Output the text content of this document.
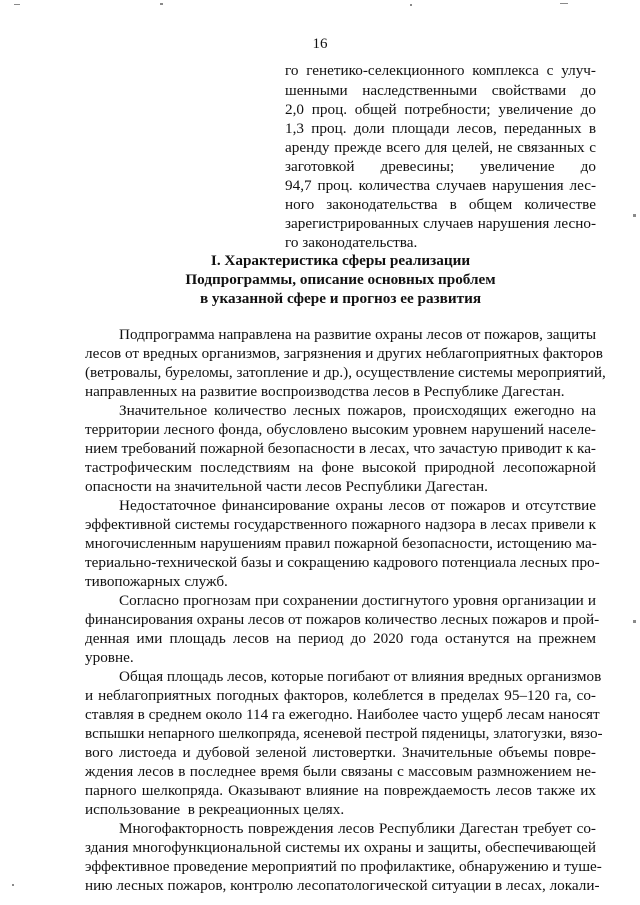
16
го генетико-селекционного комплекса с улуч-
шенными наследственными свойствами до
2,0 проц. общей потребности; увеличение до
1,3 проц. доли площади лесов, переданных в
аренду прежде всего для целей, не связанных с
заготовкой древесины; увеличение до
94,7 проц. количества случаев нарушения лес-
ного законодательства в общем количестве
зарегистрированных случаев нарушения лесно-
го законодательства.
I. Характеристика сферы реализации
Подпрограммы, описание основных проблем
в указанной сфере и прогноз ее развития
Подпрограмма направлена на развитие охраны лесов от пожаров, защиты
лесов от вредных организмов, загрязнения и других неблагоприятных факторов
(ветровалы, буреломы, затопление и др.), осуществление системы мероприятий,
направленных на развитие воспроизводства лесов в Республике Дагестан.
Значительное количество лесных пожаров, происходящих ежегодно на
территории лесного фонда, обусловлено высоким уровнем нарушений населе-
нием требований пожарной безопасности в лесах, что зачастую приводит к ка-
тастрофическим последствиям на фоне высокой природной лесопожарной
опасности на значительной части лесов Республики Дагестан.
Недостаточное финансирование охраны лесов от пожаров и отсутствие
эффективной системы государственного пожарного надзора в лесах привели к
многочисленным нарушениям правил пожарной безопасности, истощению ма-
териально-технической базы и сокращению кадрового потенциала лесных про-
тивопожарных служб.
Согласно прогнозам при сохранении достигнутого уровня организации и
финансирования охраны лесов от пожаров количество лесных пожаров и прой-
денная ими площадь лесов на период до 2020 года останутся на прежнем
уровне.
Общая площадь лесов, которые погибают от влияния вредных организмов
и неблагоприятных погодных факторов, колеблется в пределах 95–120 га, со-
ставляя в среднем около 114 га ежегодно. Наиболее часто ущерб лесам наносят
вспышки непарного шелкопряда, ясеневой пестрой пяденицы, златогузки, вязо-
вого листоеда и дубовой зеленой листовертки. Значительные объемы повре-
ждения лесов в последнее время были связаны с массовым размножением не-
парного шелкопряда. Оказывают влияние на повреждаемость лесов также их
использование  в рекреационных целях.
Многофакторность повреждения лесов Республики Дагестан требует со-
здания многофункциональной системы их охраны и защиты, обеспечивающей
эффективное проведение мероприятий по профилактике, обнаружению и туше-
нию лесных пожаров, контролю лесопатологической ситуации в лесах, локали-
